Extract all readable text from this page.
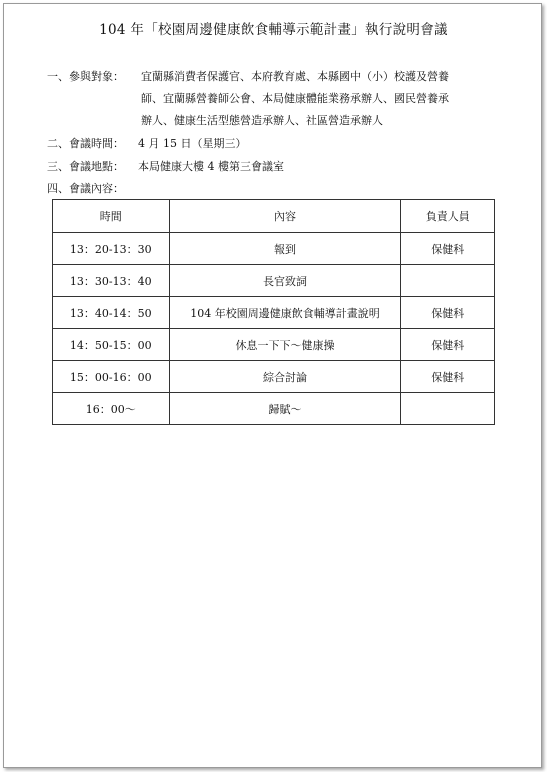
104 年「校園周邊健康飲食輔導示範計畫」執行說明會議
一、參與對象：	宜蘭縣消費者保護官、本府教育處、本縣國中（小）校護及營養
師、宜蘭縣營養師公會、本局健康體能業務承辦人、國民營養承
辦人、健康生活型態營造承辦人、社區營造承辦人
二、會議時間： 4 月 15 日（星期三）
三、會議地點： 本局健康大樓 4 樓第三會議室
四、會議內容：
時間	內容	負責人員
13：20-13：30	報到	保健科
13：30-13：40	長官致詞	
13：40-14：50	104 年校園周邊健康飲食輔導計畫說明	保健科
14：50-15：00	休息一下下～健康操	保健科
15：00-16：00	綜合討論	保健科
16：00～	歸賦～	
